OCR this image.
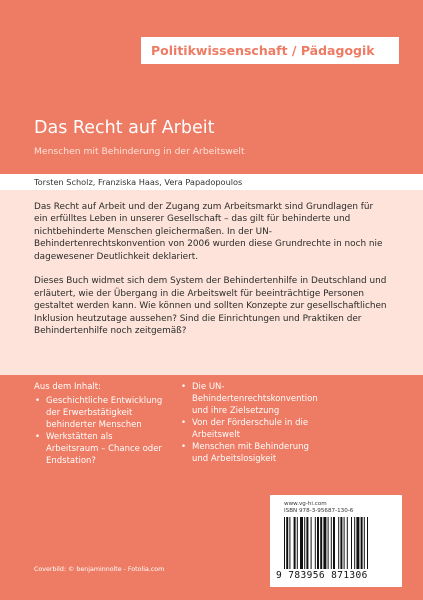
Politikwissenschaft / Pädagogik
Das Recht auf Arbeit
Menschen mit Behinderung in der Arbeitswelt
Torsten Scholz, Franziska Haas, Vera Papadopoulos

Das Recht auf Arbeit und der Zugang zum Arbeitsmarkt sind Grundlagen für ein erfülltes Leben in unserer Gesellschaft – das gilt für behinderte und nichtbehinderte Menschen gleichermaßen. In der UN-Behindertenrechtskonvention von 2006 wurden diese Grundrechte in noch nie dagewesener Deutlichkeit deklariert.

Dieses Buch widmet sich dem System der Behindertenhilfe in Deutschland und erläutert, wie der Übergang in die Arbeitswelt für beeinträchtige Personen gestaltet werden kann. Wie können und sollten Konzepte zur gesellschaftlichen Inklusion heutzutage aussehen? Sind die Einrichtungen und Praktiken der Behindertenhilfe noch zeitgemäß?

Aus dem Inhalt:
• Geschichtliche Entwicklung der Erwerbstätigkeit behinderter Menschen
• Werkstätten als Arbeitsraum – Chance oder Endstation?
• Die UN-Behindertenrechtskonvention und ihre Zielsetzung
• Von der Förderschule in die Arbeitswelt
• Menschen mit Behinderung und Arbeitslosigkeit
www.vg-hi.com
ISBN 978-3-95687-130-6
9 783956 871306
Coverbild: © benjaminnolte - Fotolia.com
